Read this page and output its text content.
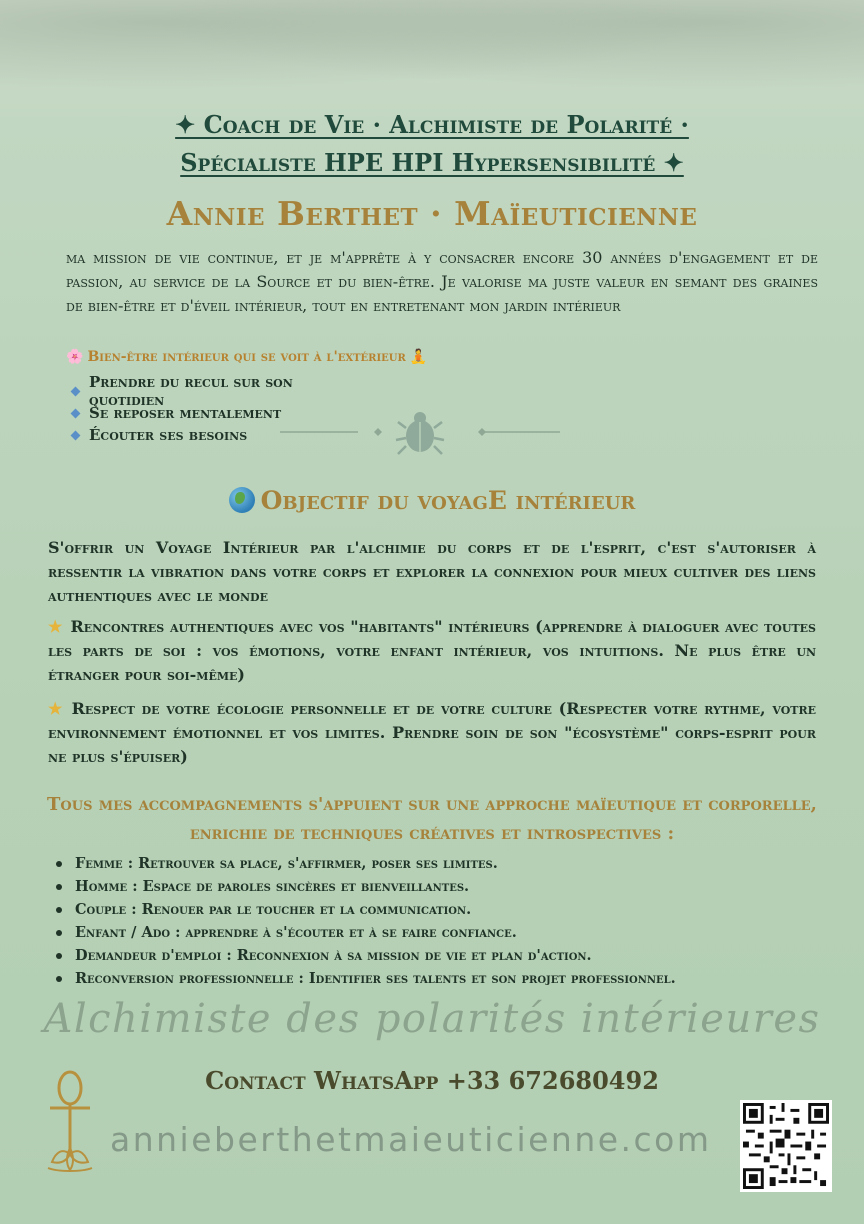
✦ Coach de Vie · Alchimiste de Polarité ·
Spécialiste HPE HPI Hypersensibilité ✦
Annie Berthet · Maïeuticienne
ma mission de vie continue, et je m'apprête à y consacrer encore 30 années d'engagement et de passion, au service de la Source et du bien-être. Je valorise ma juste valeur en semant des graines de bien-être et d'éveil intérieur, tout en entretenant mon jardin intérieur
🌸 Bien-être intérieur qui se voit à l'extérieur 🧘
Prendre du recul sur son quotidien
Se reposer mentalement
Écouter ses besoins
Objectif du voyagE intérieur
S'offrir un Voyage Intérieur par l'alchimie du corps et de l'esprit, c'est s'autoriser à ressentir la vibration dans votre corps et explorer la connexion pour mieux cultiver des liens authentiques avec le monde
★ Rencontres authentiques avec vos "habitants" intérieurs (apprendre à dialoguer avec toutes les parts de soi : vos émotions, votre enfant intérieur, vos intuitions. Ne plus être un étranger pour soi-même)
★ Respect de votre écologie personnelle et de votre culture (Respecter votre rythme, votre environnement émotionnel et vos limites. Prendre soin de son "écosystème" corps-esprit pour ne plus s'épuiser)
Tous mes accompagnements s'appuient sur une approche maïeutique et corporelle, enrichie de techniques créatives et introspectives :
Femme : Retrouver sa place, s'affirmer, poser ses limites.
Homme : Espace de paroles sincères et bienveillantes.
Couple : Renouer par le toucher et la communication.
Enfant / Ado : apprendre à s'écouter et à se faire confiance.
Demandeur d'emploi : Reconnexion à sa mission de vie et plan d'action.
Reconversion professionnelle : Identifier ses talents et son projet professionnel.
Alchimiste des polarités intérieures
Contact WhatsApp +33 672680492
annieberthetmaieuticienne.com
